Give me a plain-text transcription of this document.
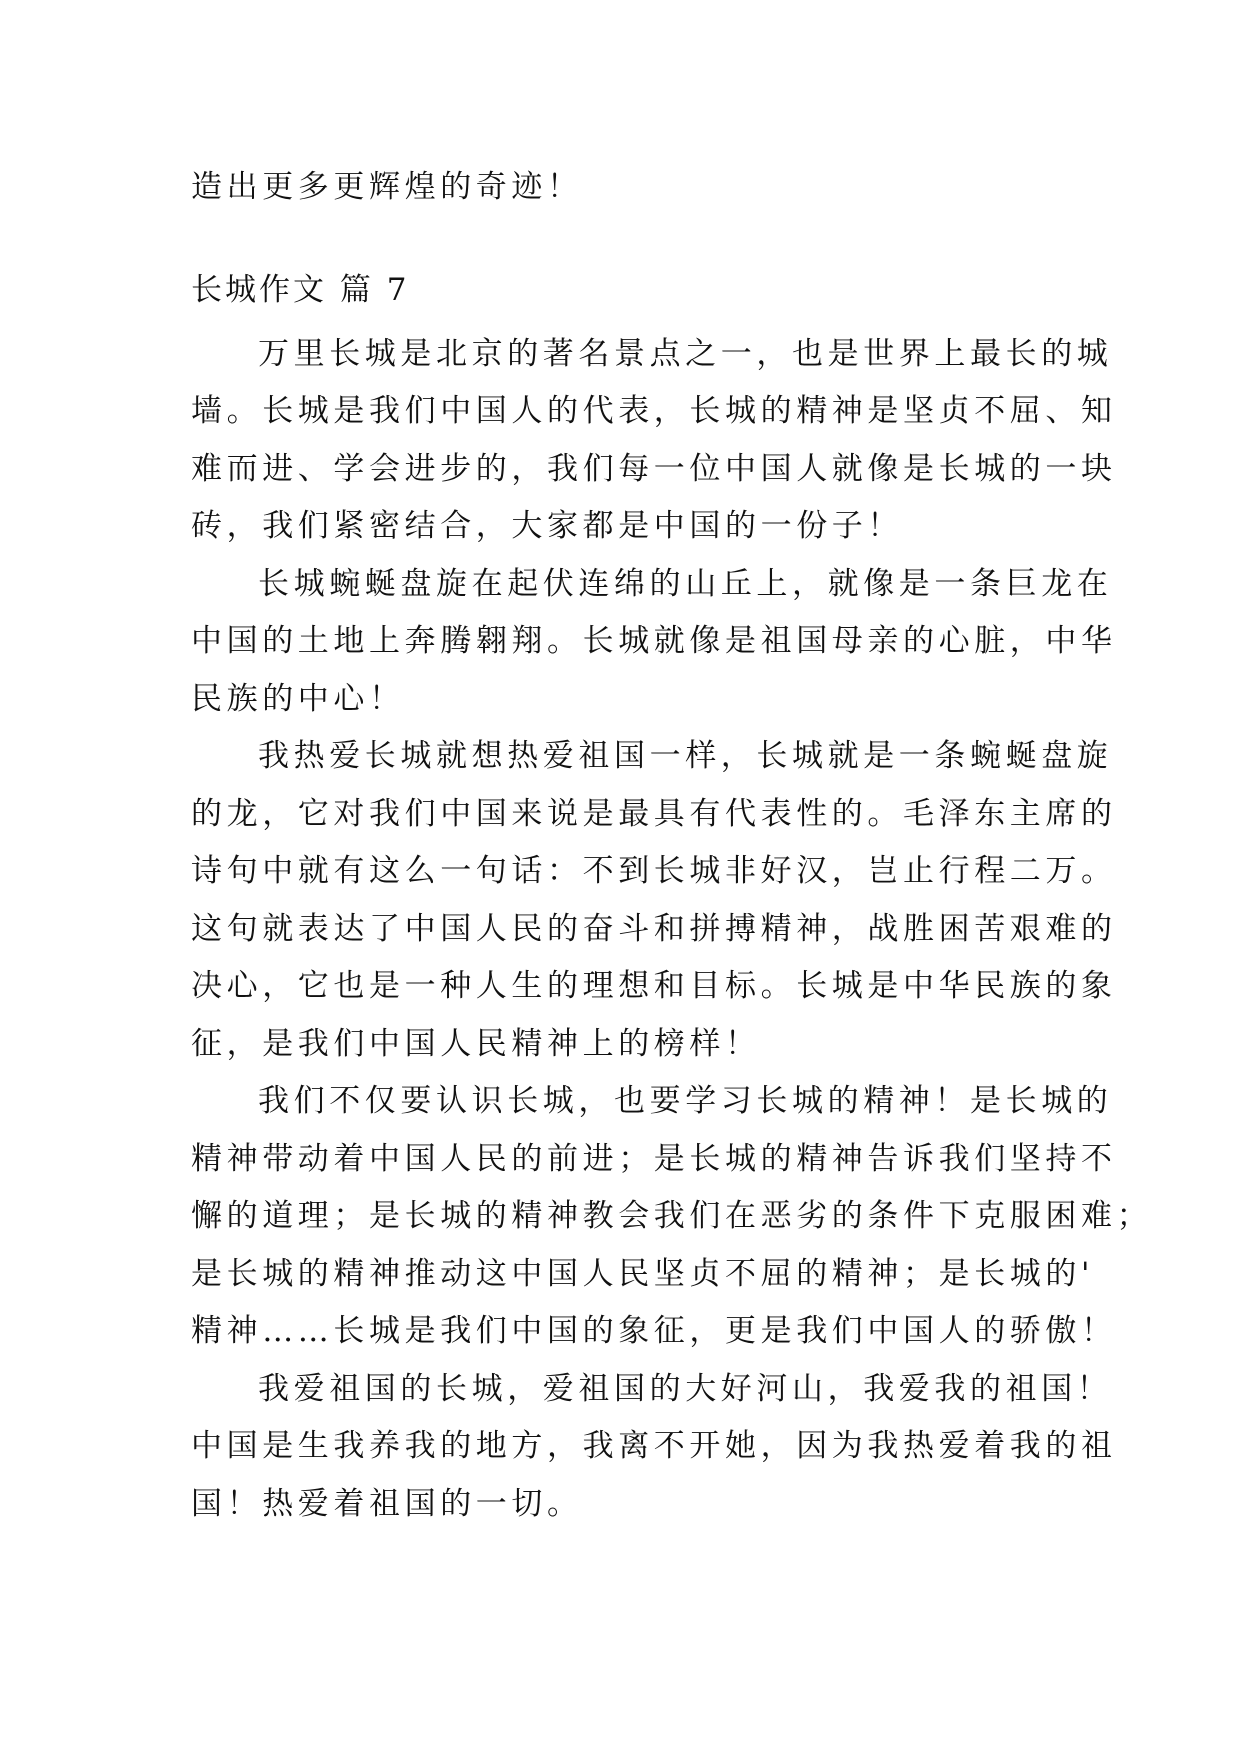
造出更多更辉煌的奇迹！
长城作文 篇 7
万里长城是北京的著名景点之一，也是世界上最长的城
墙。长城是我们中国人的代表，长城的精神是坚贞不屈、知
难而进、学会进步的，我们每一位中国人就像是长城的一块
砖，我们紧密结合，大家都是中国的一份子！
长城蜿蜒盘旋在起伏连绵的山丘上，就像是一条巨龙在
中国的土地上奔腾翱翔。长城就像是祖国母亲的心脏，中华
民族的中心！
我热爱长城就想热爱祖国一样，长城就是一条蜿蜒盘旋
的龙，它对我们中国来说是最具有代表性的。毛泽东主席的
诗句中就有这么一句话：不到长城非好汉，岂止行程二万。
这句就表达了中国人民的奋斗和拼搏精神，战胜困苦艰难的
决心，它也是一种人生的理想和目标。长城是中华民族的象
征，是我们中国人民精神上的榜样！
我们不仅要认识长城，也要学习长城的精神！是长城的
精神带动着中国人民的前进；是长城的精神告诉我们坚持不
懈的道理；是长城的精神教会我们在恶劣的条件下克服困难；
是长城的精神推动这中国人民坚贞不屈的精神；是长城的'
精神……长城是我们中国的象征，更是我们中国人的骄傲！
我爱祖国的长城，爱祖国的大好河山，我爱我的祖国！
中国是生我养我的地方，我离不开她，因为我热爱着我的祖
国！热爱着祖国的一切。
